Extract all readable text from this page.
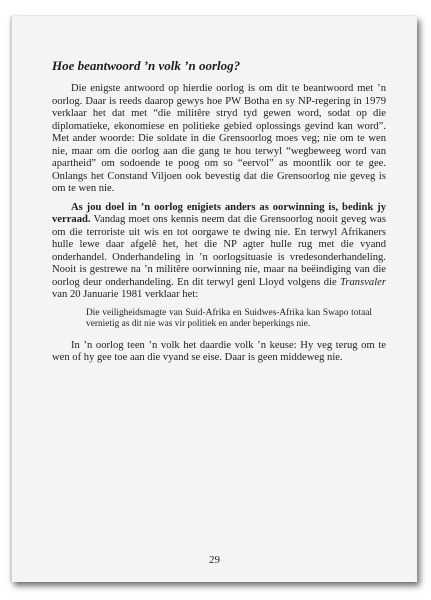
Hoe beantwoord ’n volk ’n oorlog?

Die enigste antwoord op hierdie oorlog is om dit te beantwoord met ’n oorlog. Daar is reeds daarop gewys hoe PW Botha en sy NP-regering in 1979 verklaar het dat met “die militêre stryd tyd gewen word, sodat op die diplomatieke, ekonomiese en politieke gebied oplossings gevind kan word”. Met ander woorde: Die soldate in die Grensoorlog moes veg; nie om te wen nie, maar om die oorlog aan die gang te hou terwyl “wegbeweeg word van apartheid” om sodoende te poog om so “eervol” as moontlik oor te gee. Onlangs het Constand Viljoen ook bevestig dat die Grensoorlog nie geveg is om te wen nie.

As jou doel in ’n oorlog enigiets anders as oorwinning is, bedink jy verraad. Vandag moet ons kennis neem dat die Grensoorlog nooit geveg was om die terroriste uit wis en tot oorgawe te dwing nie. En terwyl Afrikaners hulle lewe daar afgelê het, het die NP agter hulle rug met die vyand onderhandel. Onderhandeling in ’n oorlogsituasie is vredesonderhandeling. Nooit is gestrewe na ’n militêre oorwinning nie, maar na beëindiging van die oorlog deur onderhandeling. En dit terwyl genl Lloyd volgens die Transvaler van 20 Januarie 1981 verklaar het:

Die veiligheidsmagte van Suid-Afrika en Suidwes-Afrika kan Swapo totaal vernietig as dit nie was vir politiek en ander beperkings nie.

In ’n oorlog teen ’n volk het daardie volk ’n keuse: Hy veg terug om te wen of hy gee toe aan die vyand se eise. Daar is geen middeweg nie.

29
